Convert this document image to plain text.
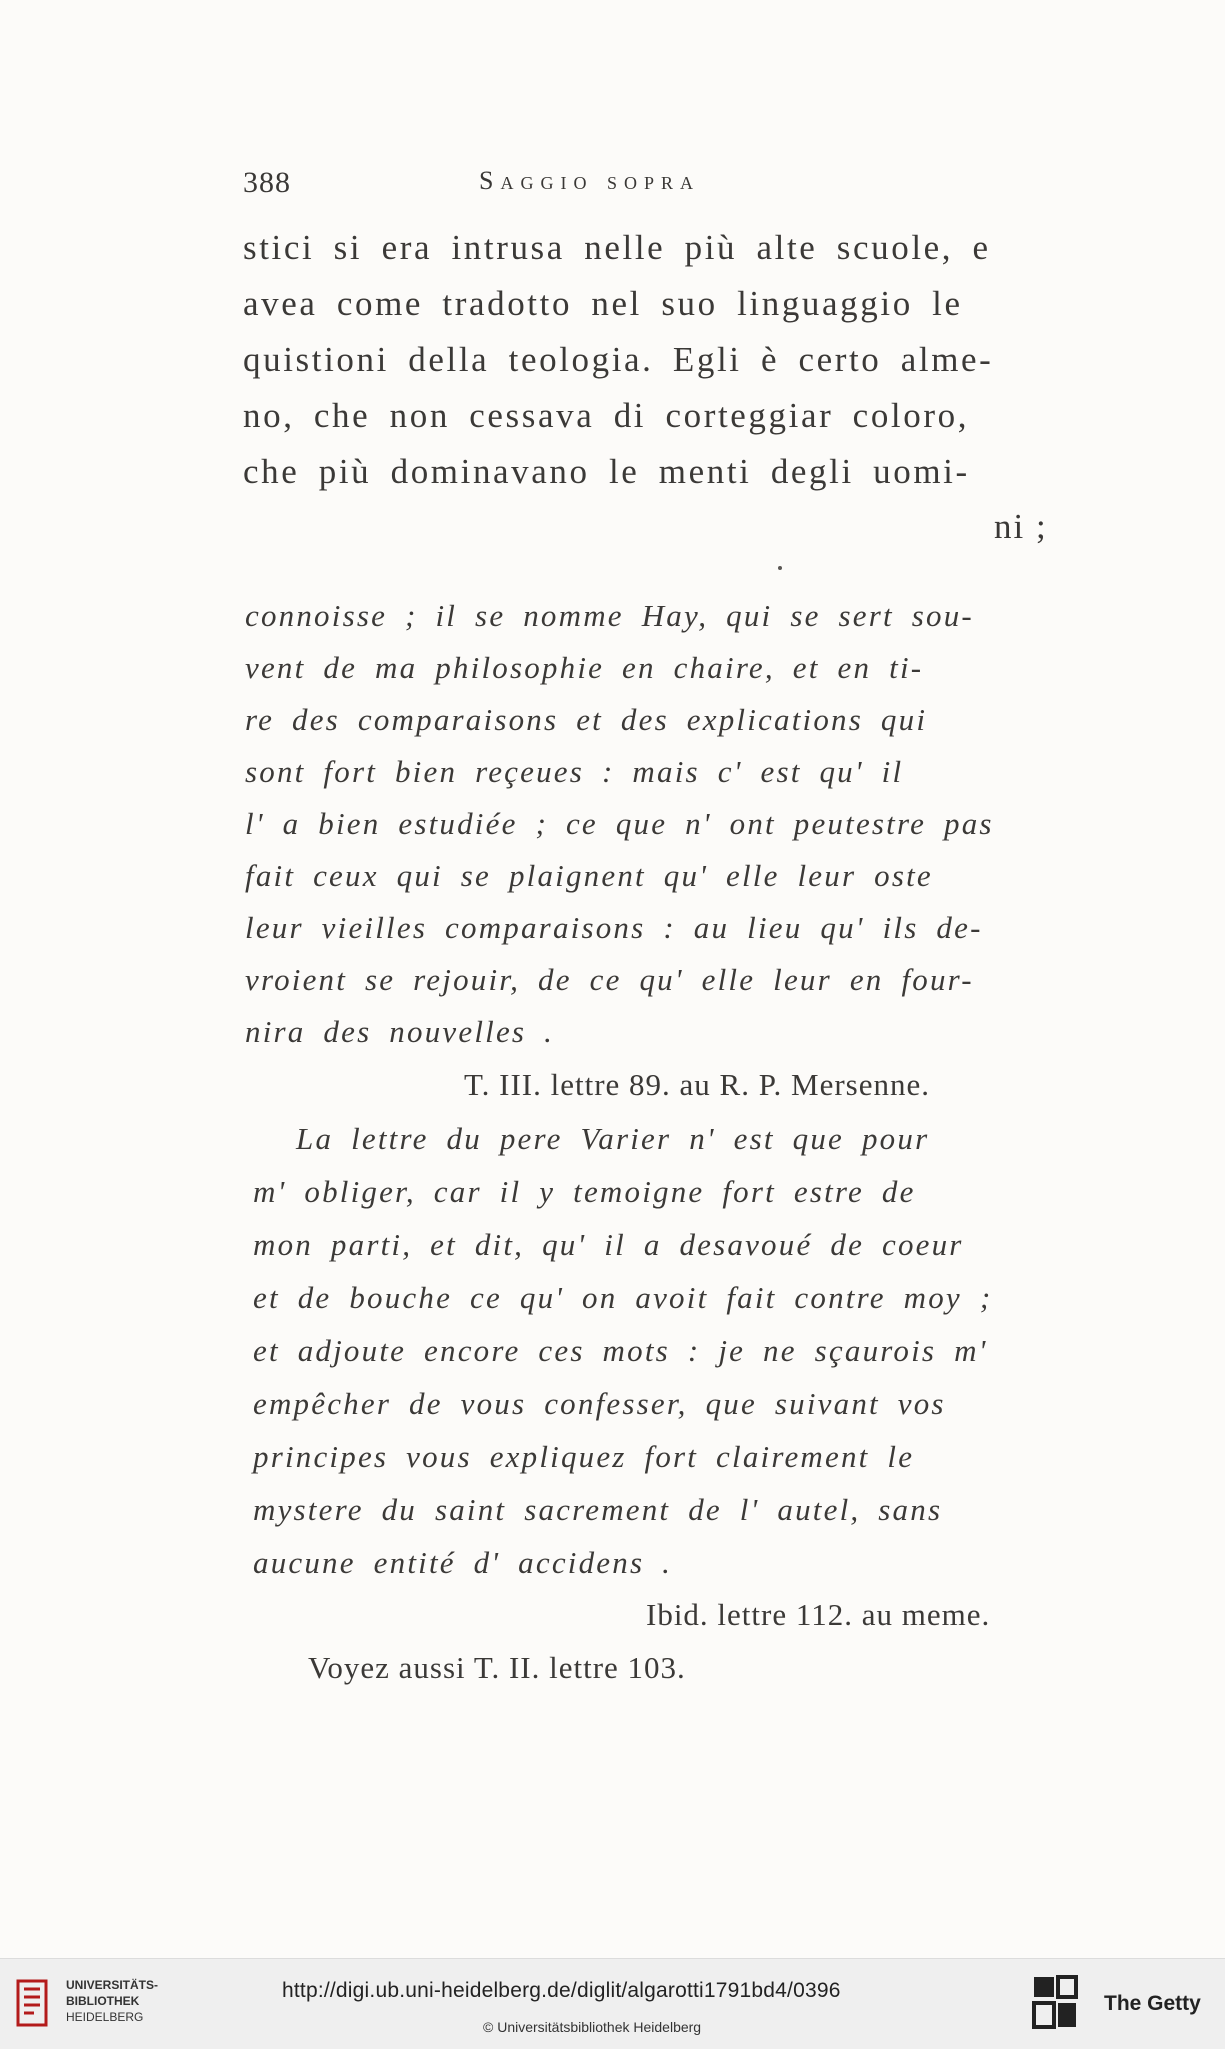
388	Saggio sopra
stici si era intrusa nelle più alte scuole, e
avea come tradotto nel suo linguaggio le
quistioni della teologia. Egli è certo alme-
no, che non cessava di corteggiar coloro,
che più dominavano le menti degli uomi-
ni ;
connoisse ; il se nomme Hay, qui se sert sou-
vent de ma philosophie en chaire, et en ti-
re des comparaisons et des explications qui
sont fort bien reçeues : mais c' est qu' il
l' a bien estudiée ; ce que n' ont peutestre pas
fait ceux qui se plaignent qu' elle leur oste
leur vieilles comparaisons : au lieu qu' ils de-
vroient se rejouir, de ce qu' elle leur en four-
nira des nouvelles .
T. III. lettre 89. au R. P. Mersenne.
La lettre du pere Varier n' est que pour
m' obliger, car il y temoigne fort estre de
mon parti, et dit, qu' il a desavoué de coeur
et de bouche ce qu' on avoit fait contre moy ;
et adjoute encore ces mots : je ne sçaurois m'
empêcher de vous confesser, que suivant vos
principes vous expliquez fort clairement le
mystere du saint sacrement de l' autel, sans
aucune entité d' accidens .
Ibid. lettre 112. au meme.
Voyez aussi T. II. lettre 103.
UNIVERSITÄTS-
BIBLIOTHEK
HEIDELBERG
http://digi.ub.uni-heidelberg.de/diglit/algarotti1791bd4/0396
© Universitätsbibliothek Heidelberg
The Getty
